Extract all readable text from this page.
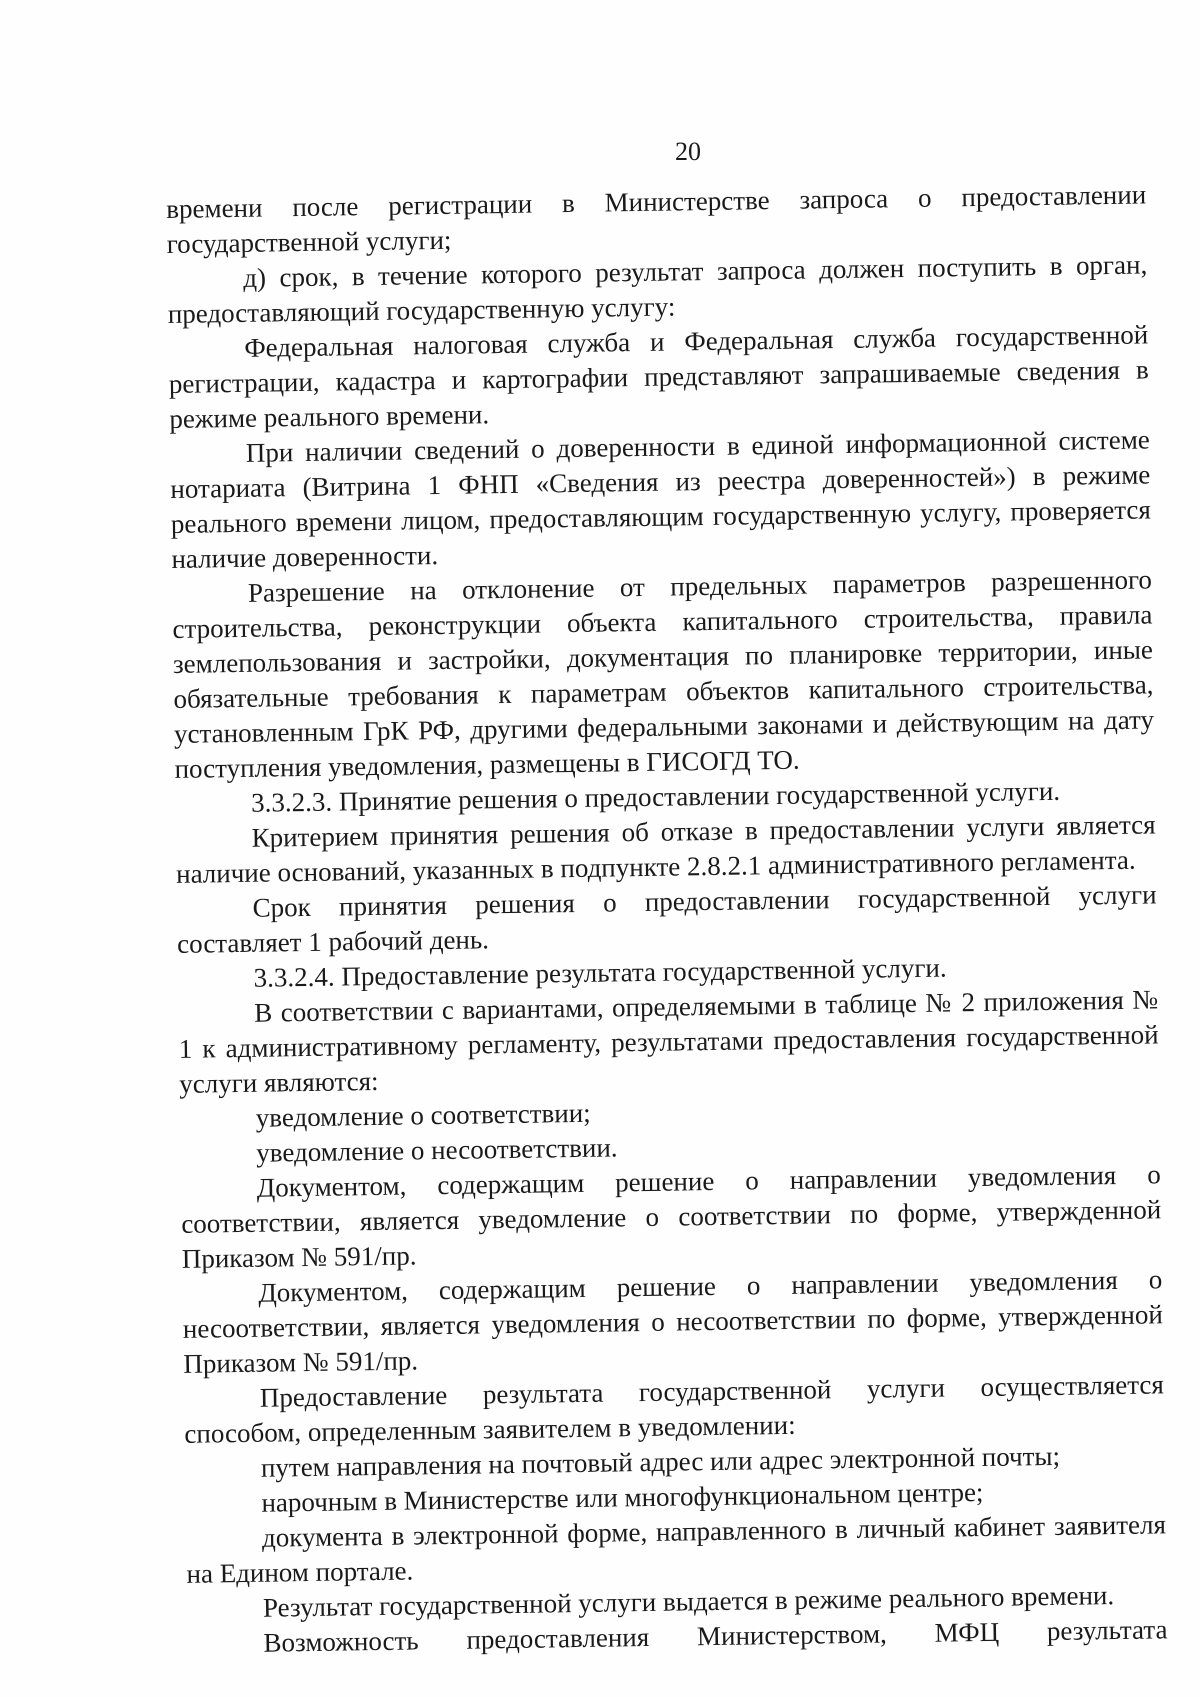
20

времени после регистрации в Министерстве запроса о предоставлении государственной услуги;

д) срок, в течение которого результат запроса должен поступить в орган, предоставляющий государственную услугу:

Федеральная налоговая служба и Федеральная служба государственной регистрации, кадастра и картографии представляют запрашиваемые сведения в режиме реального времени.

При наличии сведений о доверенности в единой информационной системе нотариата (Витрина 1 ФНП «Сведения из реестра доверенностей») в режиме реального времени лицом, предоставляющим государственную услугу, проверяется наличие доверенности.

Разрешение на отклонение от предельных параметров разрешенного строительства, реконструкции объекта капитального строительства, правила землепользования и застройки, документация по планировке территории, иные обязательные требования к параметрам объектов капитального строительства, установленным ГрК РФ, другими федеральными законами и действующим на дату поступления уведомления, размещены в ГИСОГД ТО.

3.3.2.3. Принятие решения о предоставлении государственной услуги.

Критерием принятия решения об отказе в предоставлении услуги является наличие оснований, указанных в подпункте 2.8.2.1 административного регламента.

Срок принятия решения о предоставлении государственной услуги составляет 1 рабочий день.

3.3.2.4. Предоставление результата государственной услуги.

В соответствии с вариантами, определяемыми в таблице № 2 приложения № 1 к административному регламенту, результатами предоставления государственной услуги являются:

уведомление о соответствии;

уведомление о несоответствии.

Документом, содержащим решение о направлении уведомления о соответствии, является уведомление о соответствии по форме, утвержденной Приказом № 591/пр.

Документом, содержащим решение о направлении уведомления о несоответствии, является уведомления о несоответствии по форме, утвержденной Приказом № 591/пр.

Предоставление результата государственной услуги осуществляется способом, определенным заявителем в уведомлении:

путем направления на почтовый адрес или адрес электронной почты;

нарочным в Министерстве или многофункциональном центре;

документа в электронной форме, направленного в личный кабинет заявителя на Едином портале.

Результат государственной услуги выдается в режиме реального времени.

Возможность предоставления Министерством, МФЦ результата
